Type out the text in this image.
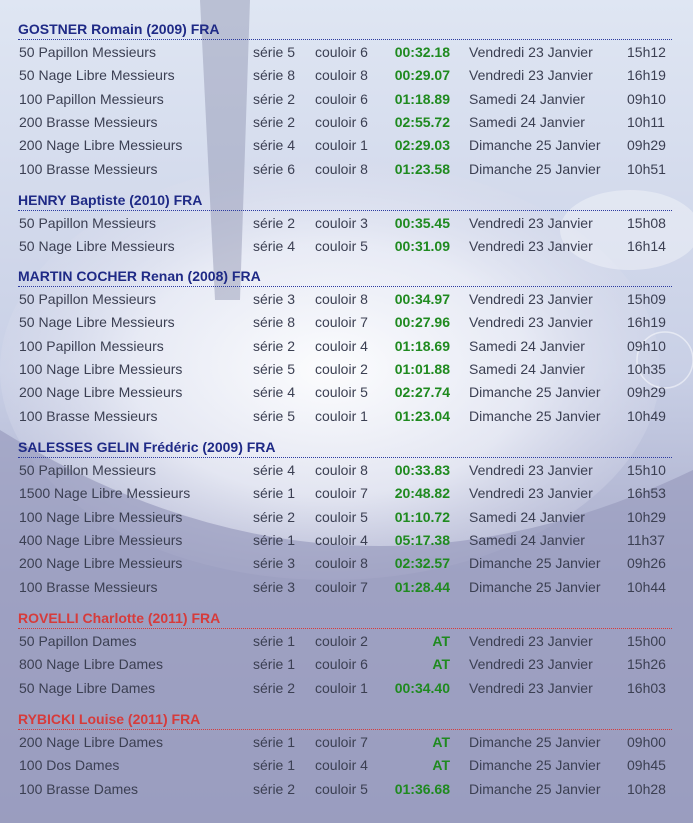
GOSTNER Romain (2009) FRA
50 Papillon Messieurs	série 5 couloir 6	00:32.18 Vendredi 23 Janvier 15h12
50 Nage Libre Messieurs	série 8 couloir 8	00:29.07 Vendredi 23 Janvier 16h19
100 Papillon Messieurs	série 2 couloir 6	01:18.89 Samedi 24 Janvier	09h10
200 Brasse Messieurs	série 2 couloir 6	02:55.72 Samedi 24 Janvier	10h11
200 Nage Libre Messieurs	série 4 couloir 1	02:29.03 Dimanche 25 Janvier 09h29
100 Brasse Messieurs	série 6 couloir 8	01:23.58 Dimanche 25 Janvier 10h51
HENRY Baptiste (2010) FRA
50 Papillon Messieurs	série 2 couloir 3	00:35.45 Vendredi 23 Janvier 15h08
50 Nage Libre Messieurs	série 4 couloir 5	00:31.09 Vendredi 23 Janvier 16h14
MARTIN COCHER Renan (2008) FRA
50 Papillon Messieurs	série 3 couloir 8	00:34.97 Vendredi 23 Janvier 15h09
50 Nage Libre Messieurs	série 8 couloir 7	00:27.96 Vendredi 23 Janvier 16h19
100 Papillon Messieurs	série 2 couloir 4	01:18.69 Samedi 24 Janvier	09h10
100 Nage Libre Messieurs	série 5 couloir 2	01:01.88 Samedi 24 Janvier	10h35
200 Nage Libre Messieurs	série 4 couloir 5	02:27.74 Dimanche 25 Janvier 09h29
100 Brasse Messieurs	série 5 couloir 1	01:23.04 Dimanche 25 Janvier 10h49
SALESSES GELIN Frédéric (2009) FRA
50 Papillon Messieurs	série 4 couloir 8	00:33.83 Vendredi 23 Janvier 15h10
1500 Nage Libre Messieurs	série 1 couloir 7	20:48.82 Vendredi 23 Janvier 16h53
100 Nage Libre Messieurs	série 2 couloir 5	01:10.72 Samedi 24 Janvier	10h29
400 Nage Libre Messieurs	série 1 couloir 4	05:17.38 Samedi 24 Janvier	11h37
200 Nage Libre Messieurs	série 3 couloir 8	02:32.57 Dimanche 25 Janvier 09h26
100 Brasse Messieurs	série 3 couloir 7	01:28.44 Dimanche 25 Janvier 10h44
ROVELLI Charlotte (2011) FRA
50 Papillon Dames	série 1 couloir 2	AT Vendredi 23 Janvier 15h00
800 Nage Libre Dames	série 1 couloir 6	AT Vendredi 23 Janvier 15h26
50 Nage Libre Dames	série 2 couloir 1	00:34.40 Vendredi 23 Janvier 16h03
RYBICKI Louise (2011) FRA
200 Nage Libre Dames	série 1 couloir 7	AT Dimanche 25 Janvier 09h00
100 Dos Dames	série 1 couloir 4	AT Dimanche 25 Janvier 09h45
100 Brasse Dames	série 2 couloir 5	01:36.68 Dimanche 25 Janvier 10h28
